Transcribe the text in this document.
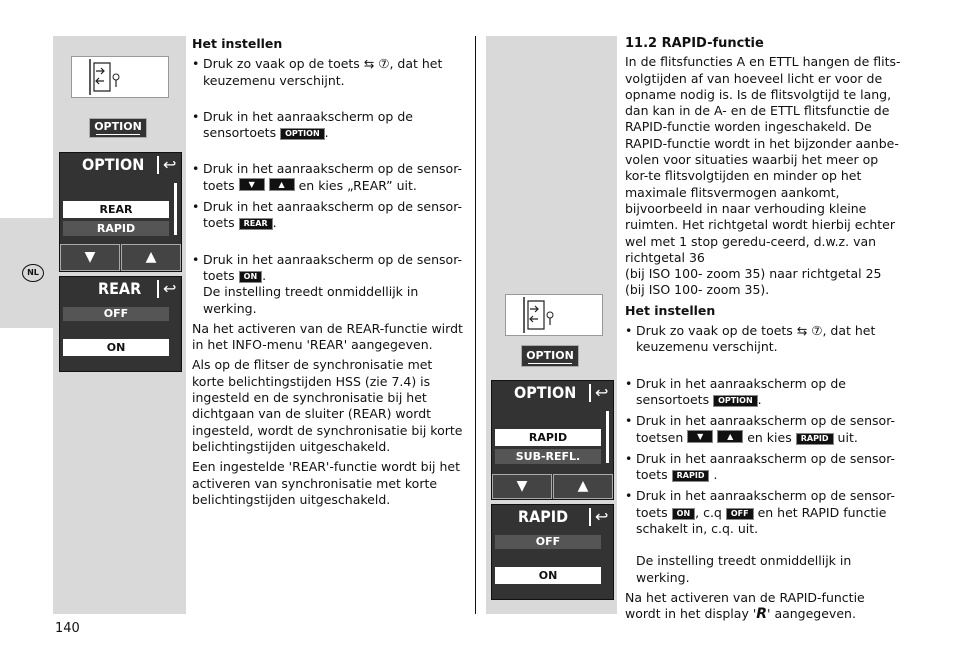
NL
OPTION
OPTION ↩
REAR
RAPID
▼	▲
REAR ↩
OFF
ON

Het instellen

• Druk zo vaak op de toets ⇆ ⑦, dat het keuzemenu verschijnt.

• Druk in het aanraakscherm op de sensortoets OPTION .

• Druk in het aanraakscherm op de sensor-toets	▼
	▲	en kies „REAR” uit.

• Druk in het aanraakscherm op de sensor-toets REAR .

• Druk in het aanraakscherm op de sensor-toets ON .
De instelling treedt onmiddellijk in werking.

Na het activeren van de REAR-functie wirdt in het INFO-menu 'REAR' aangegeven.

Als op de flitser de synchronisatie met korte belichtingstijden HSS (zie 7.4) is ingesteld en de synchronisatie bij het dichtgaan van de sluiter (REAR) wordt ingesteld, wordt de synchronisatie bij korte belichtingstijden uitgeschakeld.

Een ingestelde 'REAR'-functie wordt bij het activeren van synchronisatie met korte belichtingstijden uitgeschakeld.

OPTION
OPTION ↩
RAPID
SUB-REFL.
▼	▲
RAPID ↩
OFF
ON

11.2 RAPID-functie

In de flitsfuncties A en ETTL hangen de flits-volgtijden af van hoeveel licht er voor de opname nodig is. Is de flitsvolgtijd te lang, dan kan in de A- en de ETTL flitsfunctie de RAPID-functie worden ingeschakeld. De RAPID-functie wordt in het bijzonder aanbe-volen voor situaties waarbij het meer op kor-te flitsvolgtijden en minder op het maximale flitsvermogen aankomt, bijvoorbeeld in naar verhouding kleine ruimten. Het richtgetal wordt hierbij echter wel met 1 stop geredu-ceerd, d.w.z. van richtgetal 36

(bij ISO 100- zoom 35) naar richtgetal 25

(bij ISO 100- zoom 35).

Het instellen

• Druk zo vaak op de toets ⇆ ⑦, dat het keuzemenu verschijnt.

• Druk in het aanraakscherm op de sensortoets OPTION .

• Druk in het aanraakscherm op de sensor-toetsen	▼
	▲	en kies RAPID uit.

• Druk in het aanraakscherm op de sensor-toets RAPID .

• Druk in het aanraakscherm op de sensor-toets ON , c.q OFF en het RAPID functie schakelt in, c.q. uit.

De instelling treedt onmiddellijk in werking.

Na het activeren van de RAPID-functie wordt in het display 'R' aangegeven.

140
